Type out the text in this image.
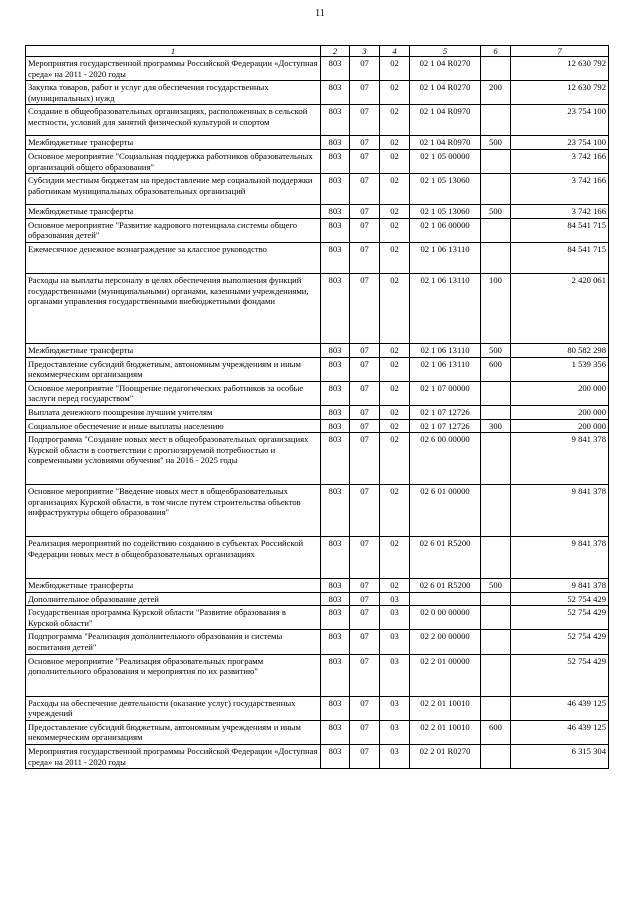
11
1	2	3	4	5	6	7
Мероприятия государственной программы Российской Федерации «Доступная среда» на 2011 - 2020 годы	803	07	02	02 1 04 R0270		12 630 792
Закупка товаров, работ и услуг для обеспечения государственных (муниципальных) нужд	803	07	02	02 1 04 R0270	200	12 630 792
Создание в общеобразовательных организациях, расположенных в сельской местности, условий для занятий физической культурой и спортом	803	07	02	02 1 04 R0970		23 754 100
Межбюджетные трансферты	803	07	02	02 1 04 R0970	500	23 754 100
Основное мероприятие "Социальная поддержка работников образовательных организаций общего образования"	803	07	02	02 1 05 00000		3 742 166
Субсидии местным бюджетам на предоставление мер социальной поддержки работникам муниципальных образовательных организаций	803	07	02	02 1 05 13060		3 742 166
Межбюджетные трансферты	803	07	02	02 1 05 13060	500	3 742 166
Основное мероприятие "Развитие кадрового потенциала системы общего образования детей"	803	07	02	02 1 06 00000		84 541 715
Ежемесячное денежное вознаграждение за классное руководство	803	07	02	02 1 06 13110		84 541 715
Расходы на выплаты персоналу в целях обеспечения выполнения функций государственными (муниципальными) органами, казенными учреждениями, органами управления государственными внебюджетными фондами	803	07	02	02 1 06 13110	100	2 420 061
Межбюджетные трансферты	803	07	02	02 1 06 13110	500	80 582 298
Предоставление субсидий бюджетным, автономным учреждениям и иным некоммерческим организациям	803	07	02	02 1 06 13110	600	1 539 356
Основное мероприятие "Поощрение педагогических работников за особые заслуги перед государством"	803	07	02	02 1 07 00000		200 000
Выплата денежного поощрения лучшим учителям	803	07	02	02 1 07 12726		200 000
Социальное обеспечение и иные выплаты населению	803	07	02	02 1 07 12726	300	200 000
Подпрограмма "Создание новых мест в общеобразовательных организациях Курской области в соответствии с прогнозируемой потребностью и современными условиями обучения" на 2016 - 2025 годы	803	07	02	02 6 00 00000		9 841 378
Основное мероприятие "Введение новых мест в общеобразовательных организациях Курской области, в том числе путем строительства объектов инфраструктуры общего образования"	803	07	02	02 6 01 00000		9 841 378
Реализация мероприятий по содействию созданию в субъектах Российской Федерации новых мест в общеобразовательных организациях	803	07	02	02 6 01 R5200		9 841 378
Межбюджетные трансферты	803	07	02	02 6 01 R5200	500	9 841 378
Дополнительное образование детей	803	07	03			52 754 429
Государственная программа Курской области "Развитие образования в Курской области"	803	07	03	02 0 00 00000		52 754 429
Подпрограмма "Реализация дополнительного образования и системы воспитания детей"	803	07	03	02 2 00 00000		52 754 429
Основное мероприятие "Реализация образовательных программ дополнительного образования и мероприятия по их развитию"	803	07	03	02 2 01 00000		52 754 429
Расходы на обеспечение деятельности (оказание услуг) государственных учреждений	803	07	03	02 2 01 10010		46 439 125
Предоставление субсидий бюджетным, автономным учреждениям и иным некоммерческим организациям	803	07	03	02 2 01 10010	600	46 439 125
Мероприятия государственной программы Российской Федерации «Доступная среда» на 2011 - 2020 годы	803	07	03	02 2 01 R0270		6 315 304
